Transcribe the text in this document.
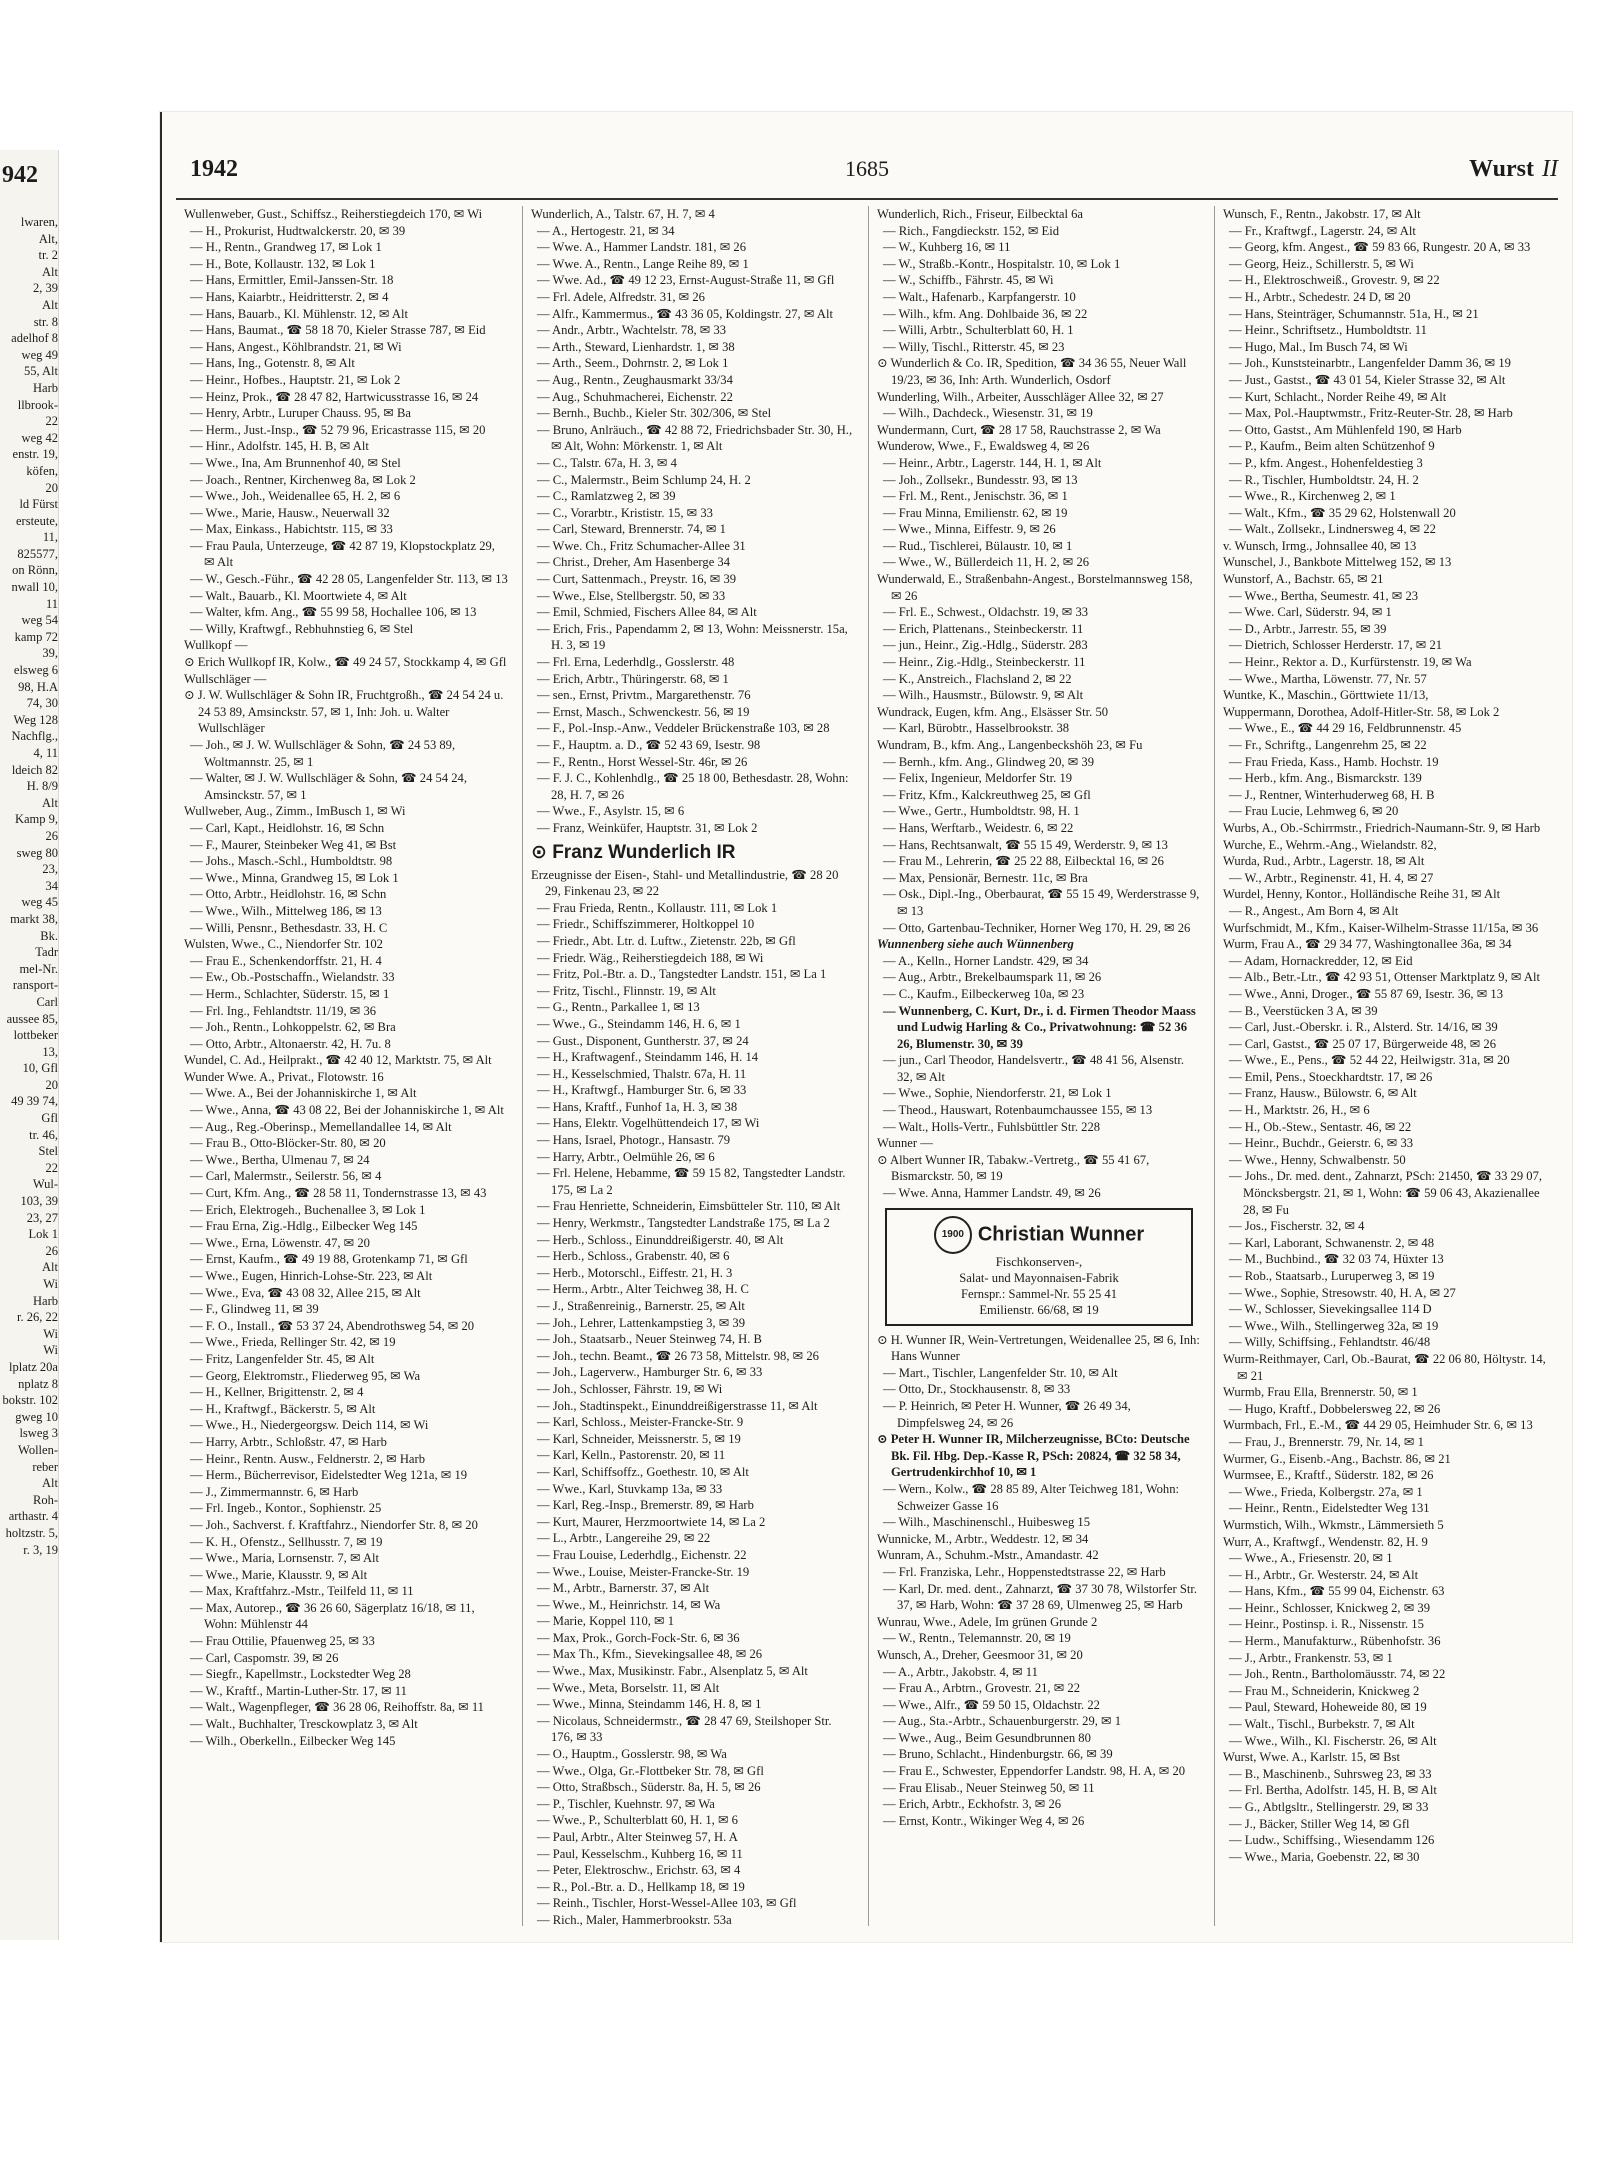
942
lwaren,
Alt,
tr. 2
Alt
2, 39
Alt
str. 8
adelhof 8
weg 49
55, Alt
Harb
llbrook-
22
weg 42
enstr. 19,
köfen,
20
ld Fürst
ersteute,
11,
825577,
on Rönn,
nwall 10,
11
weg 54
kamp 72
39,
elsweg 6
98, H.A
74, 30
Weg 128
Nachflg.,
4, 11
ldeich 82
H. 8/9
Alt
Kamp 9,
26
sweg 80
23,
34
weg 45
markt 38,
Bk.
Tadr
mel-Nr.
ransport-
Carl
aussee 85,
lottbeker
13,
10, Gfl
20
49 39 74,
Gfl
tr. 46,
Stel
22
Wul-
103, 39
23, 27
Lok 1
26
Alt
Wi
Harb
r. 26, 22
Wi
Wi
lplatz 20a
nplatz 8
bokstr. 102
gweg 10
lsweg 3
Wollen-
reber
Alt
Roh-
arthastr. 4
holtzstr. 5,
r. 3, 19
1942	1685	Wurst II
Wullenweber, Gust., Schiffsz., Reiherstiegdeich 170, ✉ Wi
— H., Prokurist, Hudtwalckerstr. 20, ✉ 39
— H., Rentn., Grandweg 17, ✉ Lok 1
— H., Bote, Kollaustr. 132, ✉ Lok 1
— Hans, Ermittler, Emil-Janssen-Str. 18
— Hans, Kaiarbtr., Heidritterstr. 2, ✉ 4
— Hans, Bauarb., Kl. Mühlenstr. 12, ✉ Alt
— Hans, Baumat., ☎ 58 18 70, Kieler Strasse 787, ✉ Eid
— Hans, Angest., Köhlbrandstr. 21, ✉ Wi
— Hans, Ing., Gotenstr. 8, ✉ Alt
— Heinr., Hofbes., Hauptstr. 21, ✉ Lok 2
— Heinz, Prok., ☎ 28 47 82, Hartwicusstrasse 16, ✉ 24
— Henry, Arbtr., Luruper Chauss. 95, ✉ Ba
— Herm., Just.-Insp., ☎ 52 79 96, Ericastrasse 115, ✉ 20
— Hinr., Adolfstr. 145, H. B, ✉ Alt
— Wwe., Ina, Am Brunnenhof 40, ✉ Stel
— Joach., Rentner, Kirchenweg 8a, ✉ Lok 2
— Wwe., Joh., Weidenallee 65, H. 2, ✉ 6
— Wwe., Marie, Hausw., Neuerwall 32
— Max, Einkass., Habichtstr. 115, ✉ 33
— Frau Paula, Unterzeuge, ☎ 42 87 19, Klopstockplatz 29, ✉ Alt
— W., Gesch.-Führ., ☎ 42 28 05, Langenfelder Str. 113, ✉ 13
— Walt., Bauarb., Kl. Moortwiete 4, ✉ Alt
— Walter, kfm. Ang., ☎ 55 99 58, Hochallee 106, ✉ 13
— Willy, Kraftwgf., Rebhuhnstieg 6, ✉ Stel
Wullkopf —
⊙ Erich Wullkopf IR, Kolw., ☎ 49 24 57, Stockkamp 4, ✉ Gfl
Wullschläger —
⊙ J. W. Wullschläger & Sohn IR, Fruchtgroßh., ☎ 24 54 24 u. 24 53 89, Amsinckstr. 57, ✉ 1, Inh: Joh. u. Walter Wullschläger
— Joh., ✉ J. W. Wullschläger & Sohn, ☎ 24 53 89, Woltmannstr. 25, ✉ 1
— Walter, ✉ J. W. Wullschläger & Sohn, ☎ 24 54 24, Amsinckstr. 57, ✉ 1
Wullweber, Aug., Zimm., ImBusch 1, ✉ Wi
— Carl, Kapt., Heidlohstr. 16, ✉ Schn
— F., Maurer, Steinbeker Weg 41, ✉ Bst
— Johs., Masch.-Schl., Humboldtstr. 98
— Wwe., Minna, Grandweg 15, ✉ Lok 1
— Otto, Arbtr., Heidlohstr. 16, ✉ Schn
— Wwe., Wilh., Mittelweg 186, ✉ 13
— Willi, Pensnr., Bethesdastr. 33, H. C
Wulsten, Wwe., C., Niendorfer Str. 102
— Frau E., Schenkendorffstr. 21, H. 4
— Ew., Ob.-Postschaffn., Wielandstr. 33
— Herm., Schlachter, Süderstr. 15, ✉ 1
— Frl. Ing., Fehlandtstr. 11/19, ✉ 36
— Joh., Rentn., Lohkoppelstr. 62, ✉ Bra
— Otto, Arbtr., Altonaerstr. 42, H. 7u. 8
Wundel, C. Ad., Heilprakt., ☎ 42 40 12, Marktstr. 75, ✉ Alt
Wunder Wwe. A., Privat., Flotowstr. 16
— Wwe. A., Bei der Johanniskirche 1, ✉ Alt
— Wwe., Anna, ☎ 43 08 22, Bei der Johanniskirche 1, ✉ Alt
— Aug., Reg.-Oberinsp., Memellandallee 14, ✉ Alt
— Frau B., Otto-Blöcker-Str. 80, ✉ 20
— Wwe., Bertha, Ulmenau 7, ✉ 24
— Carl, Malermstr., Seilerstr. 56, ✉ 4
— Curt, Kfm. Ang., ☎ 28 58 11, Tondernstrasse 13, ✉ 43
— Erich, Elektrogeh., Buchenallee 3, ✉ Lok 1
— Frau Erna, Zig.-Hdlg., Eilbecker Weg 145
— Wwe., Erna, Löwenstr. 47, ✉ 20
— Ernst, Kaufm., ☎ 49 19 88, Grotenkamp 71, ✉ Gfl
— Wwe., Eugen, Hinrich-Lohse-Str. 223, ✉ Alt
— Wwe., Eva, ☎ 43 08 32, Allee 215, ✉ Alt
— F., Glindweg 11, ✉ 39
— F. O., Install., ☎ 53 37 24, Abendrothsweg 54, ✉ 20
— Wwe., Frieda, Rellinger Str. 42, ✉ 19
— Fritz, Langenfelder Str. 45, ✉ Alt
— Georg, Elektromstr., Fliederweg 95, ✉ Wa
— H., Kellner, Brigittenstr. 2, ✉ 4
— H., Kraftwgf., Bäckerstr. 5, ✉ Alt
— Wwe., H., Niedergeorgsw. Deich 114, ✉ Wi
— Harry, Arbtr., Schloßstr. 47, ✉ Harb
— Heinr., Rentn. Ausw., Feldnerstr. 2, ✉ Harb
— Herm., Bücherrevisor, Eidelstedter Weg 121a, ✉ 19
— J., Zimmermannstr. 6, ✉ Harb
— Frl. Ingeb., Kontor., Sophienstr. 25
— Joh., Sachverst. f. Kraftfahrz., Niendorfer Str. 8, ✉ 20
— K. H., Ofenstz., Sellhusstr. 7, ✉ 19
— Wwe., Maria, Lornsenstr. 7, ✉ Alt
— Wwe., Marie, Klausstr. 9, ✉ Alt
— Max, Kraftfahrz.-Mstr., Teilfeld 11, ✉ 11
— Max, Autorep., ☎ 36 26 60, Sägerplatz 16/18, ✉ 11, Wohn: Mühlenstr 44
— Frau Ottilie, Pfauenweg 25, ✉ 33
— Carl, Caspomstr. 39, ✉ 26
— Siegfr., Kapellmstr., Lockstedter Weg 28
— W., Kraftf., Martin-Luther-Str. 17, ✉ 11
— Walt., Wagenpfleger, ☎ 36 28 06, Reihoffstr. 8a, ✉ 11
— Walt., Buchhalter, Tresckowplatz 3, ✉ Alt
— Wilh., Oberkelln., Eilbecker Weg 145
Wunderlich, A., Talstr. 67, H. 7, ✉ 4
— A., Hertogestr. 21, ✉ 34
— Wwe. A., Hammer Landstr. 181, ✉ 26
— Wwe. A., Rentn., Lange Reihe 89, ✉ 1
— Wwe. Ad., ☎ 49 12 23, Ernst-August-Straße 11, ✉ Gfl
— Frl. Adele, Alfredstr. 31, ✉ 26
— Alfr., Kammermus., ☎ 43 36 05, Koldingstr. 27, ✉ Alt
— Andr., Arbtr., Wachtelstr. 78, ✉ 33
— Arth., Steward, Lienhardstr. 1, ✉ 38
— Arth., Seem., Dohrnstr. 2, ✉ Lok 1
— Aug., Rentn., Zeughausmarkt 33/34
— Aug., Schuhmacherei, Eichenstr. 22
— Bernh., Buchb., Kieler Str. 302/306, ✉ Stel
— Bruno, Anlräuch., ☎ 42 88 72, Friedrichsbader Str. 30, H., ✉ Alt, Wohn: Mörkenstr. 1, ✉ Alt
— C., Talstr. 67a, H. 3, ✉ 4
— C., Malermstr., Beim Schlump 24, H. 2
— C., Ramlatzweg 2, ✉ 39
— C., Vorarbtr., Krististr. 15, ✉ 33
— Carl, Steward, Brennerstr. 74, ✉ 1
— Wwe. Ch., Fritz Schumacher-Allee 31
— Christ., Dreher, Am Hasenberge 34
— Curt, Sattenmach., Preystr. 16, ✉ 39
— Wwe., Else, Stellbergstr. 50, ✉ 33
— Emil, Schmied, Fischers Allee 84, ✉ Alt
— Erich, Fris., Papendamm 2, ✉ 13, Wohn: Meissnerstr. 15a, H. 3, ✉ 19
— Frl. Erna, Lederhdlg., Gosslerstr. 48
— Erich, Arbtr., Thüringerstr. 68, ✉ 1
— sen., Ernst, Privtm., Margarethenstr. 76
— Ernst, Masch., Schwenckestr. 56, ✉ 19
— F., Pol.-Insp.-Anw., Veddeler Brückenstraße 103, ✉ 28
— F., Hauptm. a. D., ☎ 52 43 69, Isestr. 98
— F., Rentn., Horst Wessel-Str. 46r, ✉ 26
— F. J. C., Kohlenhdlg., ☎ 25 18 00, Bethesdastr. 28, Wohn: 28, H. 7, ✉ 26
— Wwe., F., Asylstr. 15, ✉ 6
— Franz, Weinküfer, Hauptstr. 31, ✉ Lok 2
⊙ Franz Wunderlich IR
Erzeugnisse der Eisen-, Stahl- und Metallindustrie, ☎ 28 20 29, Finkenau 23, ✉ 22
— Frau Frieda, Rentn., Kollaustr. 111, ✉ Lok 1
— Friedr., Schiffszimmerer, Holtkoppel 10
— Friedr., Abt. Ltr. d. Luftw., Zietenstr. 22b, ✉ Gfl
— Friedr. Wäg., Reiherstiegdeich 188, ✉ Wi
— Fritz, Pol.-Btr. a. D., Tangstedter Landstr. 151, ✉ La 1
— Fritz, Tischl., Flinnstr. 19, ✉ Alt
— G., Rentn., Parkallee 1, ✉ 13
— Wwe., G., Steindamm 146, H. 6, ✉ 1
— Gust., Disponent, Guntherstr. 37, ✉ 24
— H., Kraftwagenf., Steindamm 146, H. 14
— H., Kesselschmied, Thalstr. 67a, H. 11
— H., Kraftwgf., Hamburger Str. 6, ✉ 33
— Hans, Kraftf., Funhof 1a, H. 3, ✉ 38
— Hans, Elektr. Vogelhüttendeich 17, ✉ Wi
— Hans, Israel, Photogr., Hansastr. 79
— Harry, Arbtr., Oelmühle 26, ✉ 6
— Frl. Helene, Hebamme, ☎ 59 15 82, Tangstedter Landstr. 175, ✉ La 2
— Frau Henriette, Schneiderin, Eimsbütteler Str. 110, ✉ Alt
— Henry, Werkmstr., Tangstedter Landstraße 175, ✉ La 2
— Herb., Schloss., Einunddreißigerstr. 40, ✉ Alt
— Herb., Schloss., Grabenstr. 40, ✉ 6
— Herb., Motorschl., Eiffestr. 21, H. 3
— Herm., Arbtr., Alter Teichweg 38, H. C
— J., Straßenreinig., Barnerstr. 25, ✉ Alt
— Joh., Lehrer, Lattenkampstieg 3, ✉ 39
— Joh., Staatsarb., Neuer Steinweg 74, H. B
— Joh., techn. Beamt., ☎ 26 73 58, Mittelstr. 98, ✉ 26
— Joh., Lagerverw., Hamburger Str. 6, ✉ 33
— Joh., Schlosser, Fährstr. 19, ✉ Wi
— Joh., Stadtinspekt., Einunddreißigerstrasse 11, ✉ Alt
— Karl, Schloss., Meister-Francke-Str. 9
— Karl, Schneider, Meissnerstr. 5, ✉ 19
— Karl, Kelln., Pastorenstr. 20, ✉ 11
— Karl, Schiffsoffz., Goethestr. 10, ✉ Alt
— Wwe., Karl, Stuvkamp 13a, ✉ 33
— Karl, Reg.-Insp., Bremerstr. 89, ✉ Harb
— Kurt, Maurer, Herzmoortwiete 14, ✉ La 2
— L., Arbtr., Langereihe 29, ✉ 22
— Frau Louise, Lederhdlg., Eichenstr. 22
— Wwe., Louise, Meister-Francke-Str. 19
— M., Arbtr., Barnerstr. 37, ✉ Alt
— Wwe., M., Heinrichstr. 14, ✉ Wa
— Marie, Koppel 110, ✉ 1
— Max, Prok., Gorch-Fock-Str. 6, ✉ 36
— Max Th., Kfm., Sievekingsallee 48, ✉ 26
— Wwe., Max, Musikinstr. Fabr., Alsenplatz 5, ✉ Alt
— Wwe., Meta, Borselstr. 11, ✉ Alt
— Wwe., Minna, Steindamm 146, H. 8, ✉ 1
— Nicolaus, Schneidermstr., ☎ 28 47 69, Steilshoper Str. 176, ✉ 33
— O., Hauptm., Gosslerstr. 98, ✉ Wa
— Wwe., Olga, Gr.-Flottbeker Str. 78, ✉ Gfl
— Otto, Straßbsch., Süderstr. 8a, H. 5, ✉ 26
— P., Tischler, Kuehnstr. 97, ✉ Wa
— Wwe., P., Schulterblatt 60, H. 1, ✉ 6
— Paul, Arbtr., Alter Steinweg 57, H. A
— Paul, Kesselschm., Kuhberg 16, ✉ 11
— Peter, Elektroschw., Erichstr. 63, ✉ 4
— R., Pol.-Btr. a. D., Hellkamp 18, ✉ 19
— Reinh., Tischler, Horst-Wessel-Allee 103, ✉ Gfl
— Rich., Maler, Hammerbrookstr. 53a
Wunderlich, Rich., Friseur, Eilbecktal 6a
— Rich., Fangdieckstr. 152, ✉ Eid
— W., Kuhberg 16, ✉ 11
— W., Straßb.-Kontr., Hospitalstr. 10, ✉ Lok 1
— W., Schiffb., Fährstr. 45, ✉ Wi
— Walt., Hafenarb., Karpfangerstr. 10
— Wilh., kfm. Ang. Dohlbaide 36, ✉ 22
— Willi, Arbtr., Schulterblatt 60, H. 1
— Willy, Tischl., Ritterstr. 45, ✉ 23
⊙ Wunderlich & Co. IR, Spedition, ☎ 34 36 55, Neuer Wall 19/23, ✉ 36, Inh: Arth. Wunderlich, Osdorf
Wunderling, Wilh., Arbeiter, Ausschläger Allee 32, ✉ 27
— Wilh., Dachdeck., Wiesenstr. 31, ✉ 19
Wundermann, Curt, ☎ 28 17 58, Rauchstrasse 2, ✉ Wa
Wunderow, Wwe., F., Ewaldsweg 4, ✉ 26
— Heinr., Arbtr., Lagerstr. 144, H. 1, ✉ Alt
— Joh., Zollsekr., Bundesstr. 93, ✉ 13
— Frl. M., Rent., Jenischstr. 36, ✉ 1
— Frau Minna, Emilienstr. 62, ✉ 19
— Wwe., Minna, Eiffestr. 9, ✉ 26
— Rud., Tischlerei, Bülaustr. 10, ✉ 1
— Wwe., W., Büllerdeich 11, H. 2, ✉ 26
Wunderwald, E., Straßenbahn-Angest., Borstelmannsweg 158, ✉ 26
— Frl. E., Schwest., Oldachstr. 19, ✉ 33
— Erich, Plattenans., Steinbeckerstr. 11
— jun., Heinr., Zig.-Hdlg., Süderstr. 283
— Heinr., Zig.-Hdlg., Steinbeckerstr. 11
— K., Anstreich., Flachsland 2, ✉ 22
— Wilh., Hausmstr., Bülowstr. 9, ✉ Alt
Wundrack, Eugen, kfm. Ang., Elsässer Str. 50
— Karl, Bürobtr., Hasselbrookstr. 38
Wundram, B., kfm. Ang., Langenbeckshöh 23, ✉ Fu
— Bernh., kfm. Ang., Glindweg 20, ✉ 39
— Felix, Ingenieur, Meldorfer Str. 19
— Fritz, Kfm., Kalckreuthweg 25, ✉ Gfl
— Wwe., Gertr., Humboldtstr. 98, H. 1
— Hans, Werftarb., Weidestr. 6, ✉ 22
— Hans, Rechtsanwalt, ☎ 55 15 49, Werderstr. 9, ✉ 13
— Frau M., Lehrerin, ☎ 25 22 88, Eilbecktal 16, ✉ 26
— Max, Pensionär, Bernestr. 11c, ✉ Bra
— Osk., Dipl.-Ing., Oberbaurat, ☎ 55 15 49, Werderstrasse 9, ✉ 13
— Otto, Gartenbau-Techniker, Horner Weg 170, H. 29, ✉ 26
Wunnenberg siehe auch Wünnenberg
— A., Kelln., Horner Landstr. 429, ✉ 34
— Aug., Arbtr., Brekelbaumspark 11, ✉ 26
— C., Kaufm., Eilbeckerweg 10a, ✉ 23
— Wunnenberg, C. Kurt, Dr., i. d. Firmen Theodor Maass und Ludwig Harling & Co., Privatwohnung: ☎ 52 36 26, Blumenstr. 30, ✉ 39
— jun., Carl Theodor, Handelsvertr., ☎ 48 41 56, Alsenstr. 32, ✉ Alt
— Wwe., Sophie, Niendorferstr. 21, ✉ Lok 1
— Theod., Hauswart, Rotenbaumchaussee 155, ✉ 13
— Walt., Holls-Vertr., Fuhlsbüttler Str. 228
Wunner —
⊙ Albert Wunner IR, Tabakw.-Vertretg., ☎ 55 41 67, Bismarckstr. 50, ✉ 19
— Wwe. Anna, Hammer Landstr. 49, ✉ 26
1900 Christian Wunner
Fischkonserven-,
Salat- und Mayonnaisen-Fabrik
Fernspr.: Sammel-Nr. 55 25 41
Emilienstr. 66/68, ✉ 19
⊙ H. Wunner IR, Wein-Vertretungen, Weidenallee 25, ✉ 6, Inh: Hans Wunner
— Mart., Tischler, Langenfelder Str. 10, ✉ Alt
— Otto, Dr., Stockhausenstr. 8, ✉ 33
— P. Heinrich, ✉ Peter H. Wunner, ☎ 26 49 34, Dimpfelsweg 24, ✉ 26
⊙ Peter H. Wunner IR, Milcherzeugnisse, BCto: Deutsche Bk. Fil. Hbg. Dep.-Kasse R, PSch: 20824, ☎ 32 58 34, Gertrudenkirchhof 10, ✉ 1
— Wern., Kolw., ☎ 28 85 89, Alter Teichweg 181, Wohn: Schweizer Gasse 16
— Wilh., Maschinenschl., Huibesweg 15
Wunnicke, M., Arbtr., Weddestr. 12, ✉ 34
Wunram, A., Schuhm.-Mstr., Amandastr. 42
— Frl. Franziska, Lehr., Hoppenstedtstrasse 22, ✉ Harb
— Karl, Dr. med. dent., Zahnarzt, ☎ 37 30 78, Wilstorfer Str. 37, ✉ Harb, Wohn: ☎ 37 28 69, Ulmenweg 25, ✉ Harb
Wunrau, Wwe., Adele, Im grünen Grunde 2
— W., Rentn., Telemannstr. 20, ✉ 19
Wunsch, A., Dreher, Geesmoor 31, ✉ 20
— A., Arbtr., Jakobstr. 4, ✉ 11
— Frau A., Arbtrn., Grovestr. 21, ✉ 22
— Wwe., Alfr., ☎ 59 50 15, Oldachstr. 22
— Aug., Sta.-Arbtr., Schauenburgerstr. 29, ✉ 1
— Wwe., Aug., Beim Gesundbrunnen 80
— Bruno, Schlacht., Hindenburgstr. 66, ✉ 39
— Frau E., Schwester, Eppendorfer Landstr. 98, H. A, ✉ 20
— Frau Elisab., Neuer Steinweg 50, ✉ 11
— Erich, Arbtr., Eckhofstr. 3, ✉ 26
— Ernst, Kontr., Wikinger Weg 4, ✉ 26
Wunsch, F., Rentn., Jakobstr. 17, ✉ Alt
— Fr., Kraftwgf., Lagerstr. 24, ✉ Alt
— Georg, kfm. Angest., ☎ 59 83 66, Rungestr. 20 A, ✉ 33
— Georg, Heiz., Schillerstr. 5, ✉ Wi
— H., Elektroschweiß., Grovestr. 9, ✉ 22
— H., Arbtr., Schedestr. 24 D, ✉ 20
— Hans, Steinträger, Schumannstr. 51a, H., ✉ 21
— Heinr., Schriftsetz., Humboldtstr. 11
— Hugo, Mal., Im Busch 74, ✉ Wi
— Joh., Kunststeinarbtr., Langenfelder Damm 36, ✉ 19
— Just., Gastst., ☎ 43 01 54, Kieler Strasse 32, ✉ Alt
— Kurt, Schlacht., Norder Reihe 49, ✉ Alt
— Max, Pol.-Hauptwmstr., Fritz-Reuter-Str. 28, ✉ Harb
— Otto, Gastst., Am Mühlenfeld 190, ✉ Harb
— P., Kaufm., Beim alten Schützenhof 9
— P., kfm. Angest., Hohenfeldestieg 3
— R., Tischler, Humboldtstr. 24, H. 2
— Wwe., R., Kirchenweg 2, ✉ 1
— Walt., Kfm., ☎ 35 29 62, Holstenwall 20
— Walt., Zollsekr., Lindnersweg 4, ✉ 22
v. Wunsch, Irmg., Johnsallee 40, ✉ 13
Wunschel, J., Bankbote Mittelweg 152, ✉ 13
Wunstorf, A., Bachstr. 65, ✉ 21
— Wwe., Bertha, Seumestr. 41, ✉ 23
— Wwe. Carl, Süderstr. 94, ✉ 1
— D., Arbtr., Jarrestr. 55, ✉ 39
— Dietrich, Schlosser Herderstr. 17, ✉ 21
— Heinr., Rektor a. D., Kurfürstenstr. 19, ✉ Wa
— Wwe., Martha, Löwenstr. 77, Nr. 57
Wuntke, K., Maschin., Görttwiete 11/13,
Wuppermann, Dorothea, Adolf-Hitler-Str. 58, ✉ Lok 2
— Wwe., E., ☎ 44 29 16, Feldbrunnenstr. 45
— Fr., Schriftg., Langenrehm 25, ✉ 22
— Frau Frieda, Kass., Hamb. Hochstr. 19
— Herb., kfm. Ang., Bismarckstr. 139
— J., Rentner, Winterhuderweg 68, H. B
— Frau Lucie, Lehmweg 6, ✉ 20
Wurbs, A., Ob.-Schirrmstr., Friedrich-Naumann-Str. 9, ✉ Harb
Wurche, E., Wehrm.-Ang., Wielandstr. 82,
Wurda, Rud., Arbtr., Lagerstr. 18, ✉ Alt
— W., Arbtr., Reginenstr. 41, H. 4, ✉ 27
Wurdel, Henny, Kontor., Holländische Reihe 31, ✉ Alt
— R., Angest., Am Born 4, ✉ Alt
Wurfschmidt, M., Kfm., Kaiser-Wilhelm-Strasse 11/15a, ✉ 36
Wurm, Frau A., ☎ 29 34 77, Washingtonallee 36a, ✉ 34
— Adam, Hornackredder, 12, ✉ Eid
— Alb., Betr.-Ltr., ☎ 42 93 51, Ottenser Marktplatz 9, ✉ Alt
— Wwe., Anni, Droger., ☎ 55 87 69, Isestr. 36, ✉ 13
— B., Veerstücken 3 A, ✉ 39
— Carl, Just.-Oberskr. i. R., Alsterd. Str. 14/16, ✉ 39
— Carl, Gastst., ☎ 25 07 17, Bürgerweide 48, ✉ 26
— Wwe., E., Pens., ☎ 52 44 22, Heilwigstr. 31a, ✉ 20
— Emil, Pens., Stoeckhardtstr. 17, ✉ 26
— Franz, Hausw., Bülowstr. 6, ✉ Alt
— H., Marktstr. 26, H., ✉ 6
— H., Ob.-Stew., Sentastr. 46, ✉ 22
— Heinr., Buchdr., Geierstr. 6, ✉ 33
— Wwe., Henny, Schwalbenstr. 50
— Johs., Dr. med. dent., Zahnarzt, PSch: 21450, ☎ 33 29 07, Möncksbergstr. 21, ✉ 1, Wohn: ☎ 59 06 43, Akazienallee 28, ✉ Fu
— Jos., Fischerstr. 32, ✉ 4
— Karl, Laborant, Schwanenstr. 2, ✉ 48
— M., Buchbind., ☎ 32 03 74, Hüxter 13
— Rob., Staatsarb., Luruperweg 3, ✉ 19
— Wwe., Sophie, Stresowstr. 40, H. A, ✉ 27
— W., Schlosser, Sievekingsallee 114 D
— Wwe., Wilh., Stellingerweg 32a, ✉ 19
— Willy, Schiffsing., Fehlandtstr. 46/48
Wurm-Reithmayer, Carl, Ob.-Baurat, ☎ 22 06 80, Höltystr. 14, ✉ 21
Wurmb, Frau Ella, Brennerstr. 50, ✉ 1
— Hugo, Kraftf., Dobbelersweg 22, ✉ 26
Wurmbach, Frl., E.-M., ☎ 44 29 05, Heimhuder Str. 6, ✉ 13
— Frau, J., Brennerstr. 79, Nr. 14, ✉ 1
Wurmer, G., Eisenb.-Ang., Bachstr. 86, ✉ 21
Wurmsee, E., Kraftf., Süderstr. 182, ✉ 26
— Wwe., Frieda, Kolbergstr. 27a, ✉ 1
— Heinr., Rentn., Eidelstedter Weg 131
Wurmstich, Wilh., Wkmstr., Lämmersieth 5
Wurr, A., Kraftwgf., Wendenstr. 82, H. 9
— Wwe., A., Friesenstr. 20, ✉ 1
— H., Arbtr., Gr. Westerstr. 24, ✉ Alt
— Hans, Kfm., ☎ 55 99 04, Eichenstr. 63
— Heinr., Schlosser, Knickweg 2, ✉ 39
— Heinr., Postinsp. i. R., Nissenstr. 15
— Herm., Manufakturw., Rübenhofstr. 36
— J., Arbtr., Frankenstr. 53, ✉ 1
— Joh., Rentn., Bartholomäusstr. 74, ✉ 22
— Frau M., Schneiderin, Knickweg 2
— Paul, Steward, Hoheweide 80, ✉ 19
— Walt., Tischl., Burbekstr. 7, ✉ Alt
— Wwe., Wilh., Kl. Fischerstr. 26, ✉ Alt
Wurst, Wwe. A., Karlstr. 15, ✉ Bst
— B., Maschinenb., Suhrsweg 23, ✉ 33
— Frl. Bertha, Adolfstr. 145, H. B, ✉ Alt
— G., Abtlgsltr., Stellingerstr. 29, ✉ 33
— J., Bäcker, Stiller Weg 14, ✉ Gfl
— Ludw., Schiffsing., Wiesendamm 126
— Wwe., Maria, Goebenstr. 22, ✉ 30
